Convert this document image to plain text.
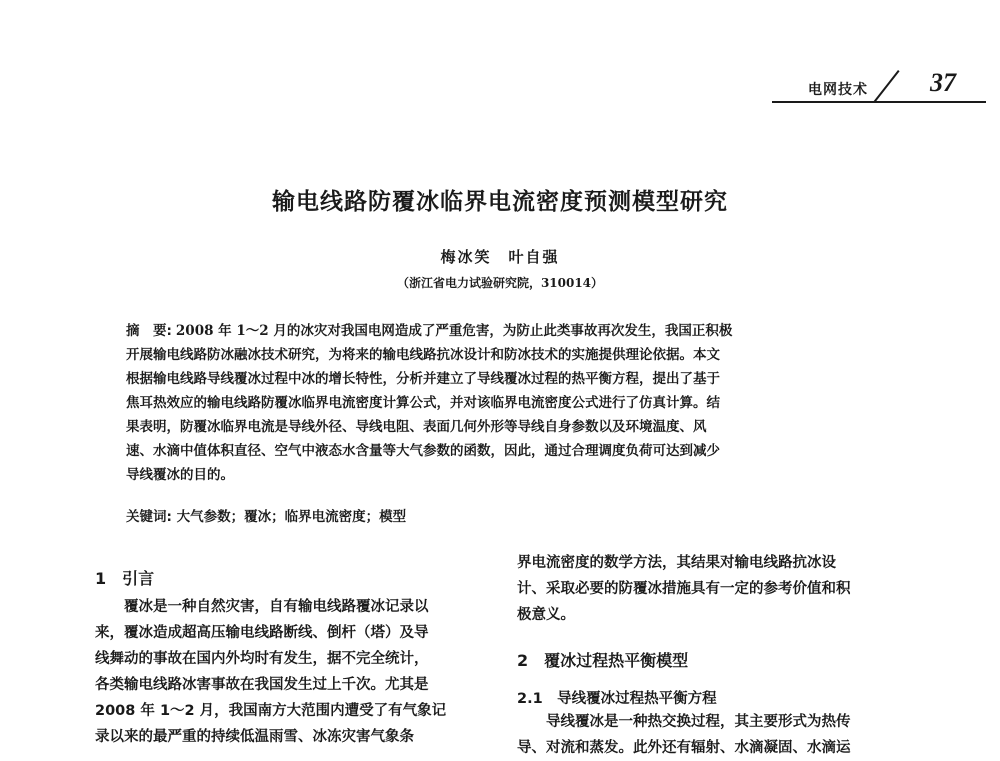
电网技术 37
输电线路防覆冰临界电流密度预测模型研究
梅冰笑　叶自强
（浙江省电力试验研究院，310014）
摘　要: 2008 年 1～2 月的冰灾对我国电网造成了严重危害，为防止此类事故再次发生，我国正积极
开展输电线路防冰融冰技术研究，为将来的输电线路抗冰设计和防冰技术的实施提供理论依据。本文
根据输电线路导线覆冰过程中冰的增长特性，分析并建立了导线覆冰过程的热平衡方程，提出了基于
焦耳热效应的输电线路防覆冰临界电流密度计算公式，并对该临界电流密度公式进行了仿真计算。结
果表明，防覆冰临界电流是导线外径、导线电阻、表面几何外形等导线自身参数以及环境温度、风
速、水滴中值体积直径、空气中液态水含量等大气参数的函数，因此，通过合理调度负荷可达到减少
导线覆冰的目的。
关键词: 大气参数；覆冰；临界电流密度；模型
1　引言
　　覆冰是一种自然灾害，自有输电线路覆冰记录以
来，覆冰造成超高压输电线路断线、倒杆（塔）及导
线舞动的事故在国内外均时有发生，据不完全统计，
各类输电线路冰害事故在我国发生过上千次。尤其是
2008 年 1～2 月，我国南方大范围内遭受了有气象记
录以来的最严重的持续低温雨雪、冰冻灾害气象条
界电流密度的数学方法，其结果对输电线路抗冰设
计、采取必要的防覆冰措施具有一定的参考价值和积
极意义。
2　覆冰过程热平衡模型
2.1　导线覆冰过程热平衡方程
　　导线覆冰是一种热交换过程，其主要形式为热传
导、对流和蒸发。此外还有辐射、水滴凝固、水滴运
